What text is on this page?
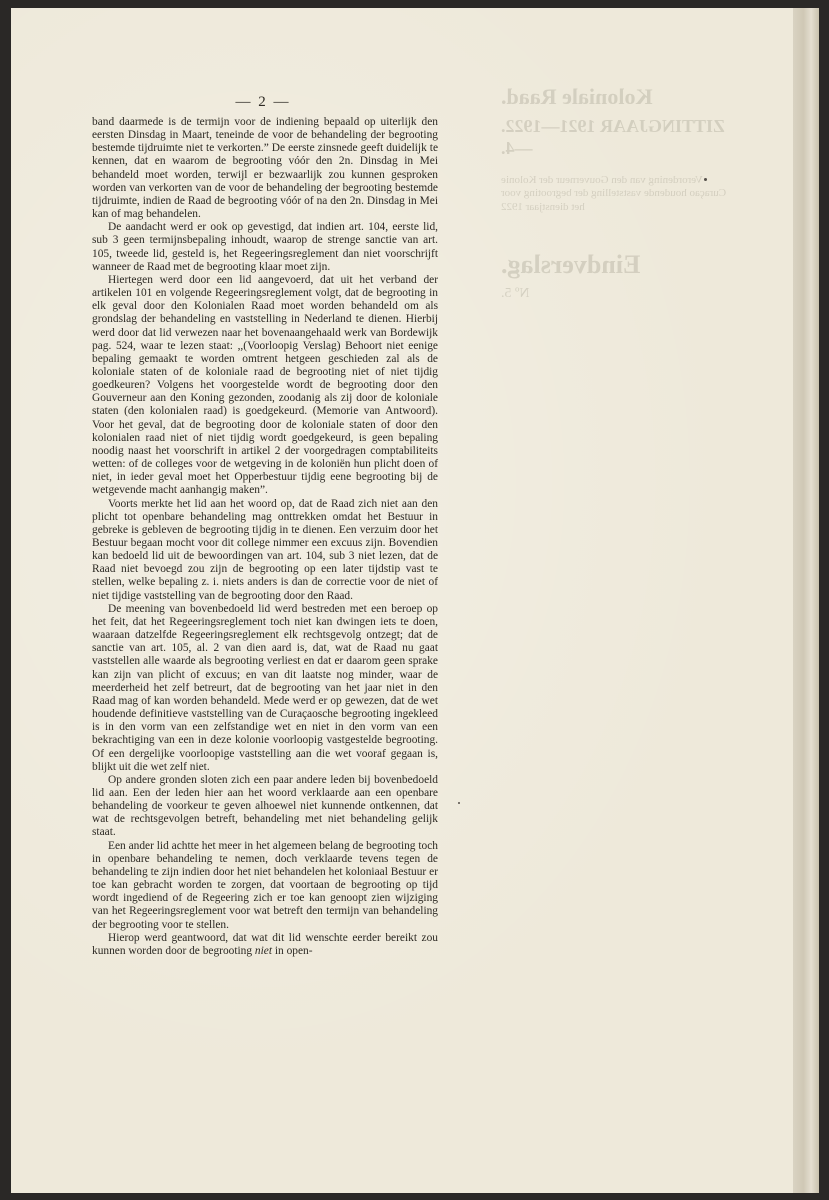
Koloniale Raad.
ZITTINGJAAR 1921—1922.—4.
Verordening van den Gouverneur der Kolonie Curaçao houdende vaststelling der begrooting voor het dienstjaar 1922
Eindverslag.
Nº 5.
— 2 —

band daarmede is de termijn voor de indiening bepaald op uiterlijk den eersten Dinsdag in Maart, teneinde de voor de behandeling der begrooting bestemde tijdruimte niet te verkorten.” De eerste zinsnede geeft duidelijk te kennen, dat en waarom de begrooting vóór den 2n. Dinsdag in Mei behandeld moet worden, terwijl er bezwaarlijk zou kunnen gesproken worden van verkorten van de voor de behandeling der begrooting bestemde tijdruimte, indien de Raad de begrooting vóór of na den 2n. Dinsdag in Mei kan of mag behandelen.

De aandacht werd er ook op gevestigd, dat indien art. 104, eerste lid, sub 3 geen termijnsbepaling inhoudt, waarop de strenge sanctie van art. 105, tweede lid, gesteld is, het Regeeringsreglement dan niet voorschrijft wanneer de Raad met de begrooting klaar moet zijn.

Hiertegen werd door een lid aangevoerd, dat uit het verband der artikelen 101 en volgende Regeeringsreglement volgt, dat de begrooting in elk geval door den Kolonialen Raad moet worden behandeld om als grondslag der behandeling en vaststelling in Nederland te dienen. Hierbij werd door dat lid verwezen naar het bovenaangehaald werk van Bordewijk pag. 524, waar te lezen staat: ,,(Voorloopig Verslag) Behoort niet eenige bepaling gemaakt te worden omtrent hetgeen geschieden zal als de koloniale staten of de koloniale raad de begrooting niet of niet tijdig goedkeuren? Volgens het voorgestelde wordt de begrooting door den Gouverneur aan den Koning gezonden, zoodanig als zij door de koloniale staten (den kolonialen raad) is goedgekeurd. (Memorie van Antwoord). Voor het geval, dat de begrooting door de koloniale staten of door den kolonialen raad niet of niet tijdig wordt goedgekeurd, is geen bepaling noodig naast het voorschrift in artikel 2 der voorgedragen comptabiliteits wetten: of de colleges voor de wetgeving in de koloniën hun plicht doen of niet, in ieder geval moet het Opperbestuur tijdig eene begrooting bij de wetgevende macht aanhangig maken”.

Voorts merkte het lid aan het woord op, dat de Raad zich niet aan den plicht tot openbare behandeling mag onttrekken omdat het Bestuur in gebreke is gebleven de begrooting tijdig in te dienen. Een verzuim door het Bestuur begaan mocht voor dit college nimmer een excuus zijn. Bovendien kan bedoeld lid uit de bewoordingen van art. 104, sub 3 niet lezen, dat de Raad niet bevoegd zou zijn de begrooting op een later tijdstip vast te stellen, welke bepaling z. i. niets anders is dan de correctie voor de niet of niet tijdige vaststelling van de begrooting door den Raad.

De meening van bovenbedoeld lid werd bestreden met een beroep op het feit, dat het Regeeringsreglement toch niet kan dwingen iets te doen, waaraan datzelfde Regeeringsreglement elk rechtsgevolg ontzegt; dat de sanctie van art. 105, al. 2 van dien aard is, dat, wat de Raad nu gaat vaststellen alle waarde als begrooting verliest en dat er daarom geen sprake kan zijn van plicht of excuus; en van dit laatste nog minder, waar de meerderheid het zelf betreurt, dat de begrooting van het jaar niet in den Raad mag of kan worden behandeld. Mede werd er op gewezen, dat de wet houdende definitieve vaststelling van de Curaçaosche begrooting ingekleed is in den vorm van een zelfstandige wet en niet in den vorm van een bekrachtiging van een in deze kolonie voorloopig vastgestelde begrooting. Of een dergelijke voorloopige vaststelling aan die wet vooraf gegaan is, blijkt uit die wet zelf niet.

Op andere gronden sloten zich een paar andere leden bij bovenbedoeld lid aan. Een der leden hier aan het woord verklaarde aan een openbare behandeling de voorkeur te geven alhoewel niet kunnende ontkennen, dat wat de rechtsgevolgen betreft, behandeling met niet behandeling gelijk staat.

Een ander lid achtte het meer in het algemeen belang de begrooting toch in openbare behandeling te nemen, doch verklaarde tevens tegen de behandeling te zijn indien door het niet behandelen het koloniaal Bestuur er toe kan gebracht worden te zorgen, dat voortaan de begrooting op tijd wordt ingediend of de Regeering zich er toe kan genoopt zien wijziging van het Regeeringsreglement voor wat betreft den termijn van behandeling der begrooting voor te stellen.

Hierop werd geantwoord, dat wat dit lid wenschte eerder bereikt zou kunnen worden door de begrooting niet in open-
